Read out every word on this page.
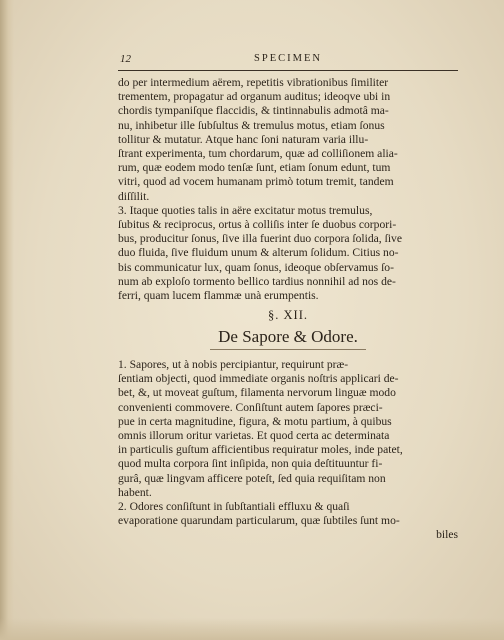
12	SPECIMEN
do per intermedium aërem, repetitis vibrationibus ſimiliter
trementem, propagatur ad organum auditus; ideoqve ubi in
chordis tympaniſque flaccidis, & tintinnabulis admotâ ma-
nu, inhibetur ille ſubſultus & tremulus motus, etiam ſonus
tollitur & mutatur. Atque hanc ſoni naturam varia illu-
ſtrant experimenta, tum chordarum, quæ ad colliſionem alia-
rum, quæ eodem modo tenſæ ſunt, etiam ſonum edunt, tum
vitri, quod ad vocem humanam primò totum tremit, tandem
diſſilit.
3. Itaque quoties talis in aëre excitatur motus tremulus,
ſubitus & reciprocus, ortus à colliſis inter ſe duobus corpori-
bus, producitur ſonus, ſive illa fuerint duo corpora ſolida, ſive
duo fluida, ſive fluidum unum & alterum ſolidum. Citius no-
bis communicatur lux, quam ſonus, ideoque obſervamus ſo-
num ab exploſo tormento bellico tardius nonnihil ad nos de-
ferri, quam lucem flammæ unà erumpentis.
§. XII.
De Sapore & Odore.
1. Sapores, ut à nobis percipiantur, requirunt præ-
ſentiam objecti, quod immediate organis noſtris applicari de-
bet, &, ut moveat guſtum, filamenta nervorum linguæ modo
convenienti commovere. Conſiſtunt autem ſapores præci-
pue in certa magnitudine, figura, & motu partium, à quibus
omnis illorum oritur varietas. Et quod certa ac determinata
in particulis guſtum afficientibus requiratur moles, inde patet,
quod multa corpora ſint inſipida, non quia deſtituuntur fi-
gurâ, quæ lingvam afficere poteſt, ſed quia requiſitam non
habent.
2. Odores conſiſtunt in ſubſtantiali effluxu & quaſi
evaporatione quarundam particularum, quæ ſubtiles ſunt mo-
biles
